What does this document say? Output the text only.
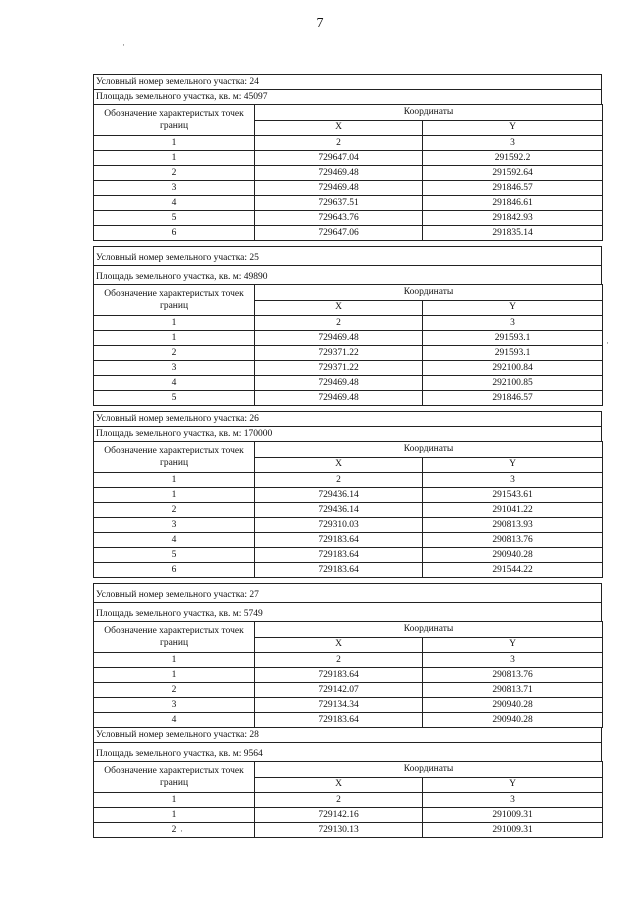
7
·
·
·
Условный номер земельного участка: 24
Площадь земельного участка, кв. м: 45097
Обозначение характеристых точек границ	Координаты	
	X	Y
1	2	3
1	729647.04	291592.2
2	729469.48	291592.64
3	729469.48	291846.57
4	729637.51	291846.61
5	729643.76	291842.93
6	729647.06	291835.14
Условный номер земельного участка: 25
Площадь земельного участка, кв. м: 49890
Обозначение характеристых точек границ	Координаты	
	X	Y
1	2	3
1	729469.48	291593.1
2	729371.22	291593.1
3	729371.22	292100.84
4	729469.48	292100.85
5	729469.48	291846.57
Условный номер земельного участка: 26
Площадь земельного участка, кв. м: 170000
Обозначение характеристых точек границ	Координаты	
	X	Y
1	2	3
1	729436.14	291543.61
2	729436.14	291041.22
3	729310.03	290813.93
4	729183.64	290813.76
5	729183.64	290940.28
6	729183.64	291544.22
Условный номер земельного участка: 27
Площадь земельного участка, кв. м: 5749
Обозначение характеристых точек границ	Координаты	
	X	Y
1	2	3
1	729183.64	290813.76
2	729142.07	290813.71
3	729134.34	290940.28
4	729183.64	290940.28
Условный номер земельного участка: 28
Площадь земельного участка, кв. м: 9564
Обозначение характеристых точек границ	Координаты	
	X	Y
1	2	3
1	729142.16	291009.31
2	729130.13	291009.31
